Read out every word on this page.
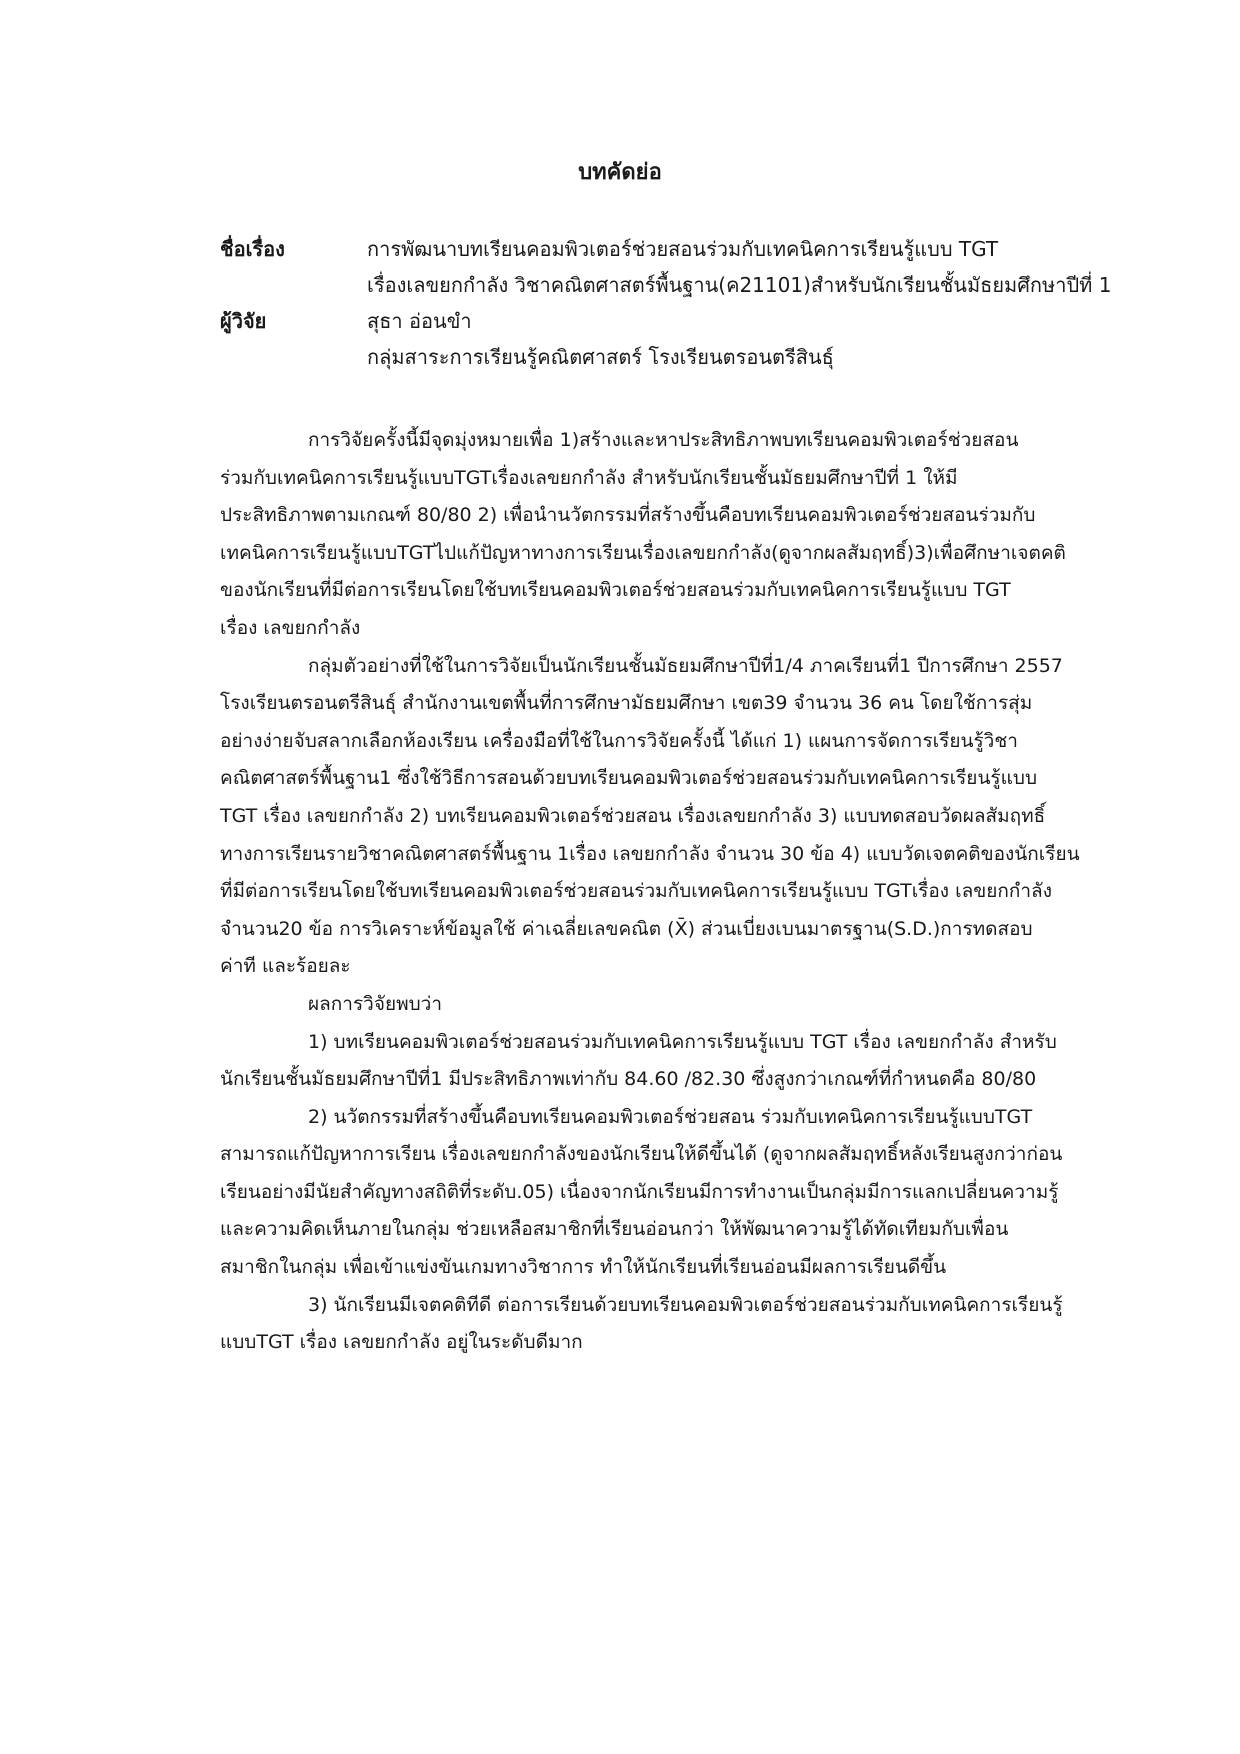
บทคัดย่อ
ชื่อเรื่อง	การพัฒนาบทเรียนคอมพิวเตอร์ช่วยสอนร่วมกับเทคนิคการเรียนรู้แบบ TGT
เรื่องเลขยกกำลัง วิชาคณิตศาสตร์พื้นฐาน(ค21101)สำหรับนักเรียนชั้นมัธยมศึกษาปีที่ 1
ผู้วิจัย	สุธา อ่อนขำ
กลุ่มสาระการเรียนรู้คณิตศาสตร์ โรงเรียนตรอนตรีสินธุ์
การวิจัยครั้งนี้มีจุดมุ่งหมายเพื่อ 1)สร้างและหาประสิทธิภาพบทเรียนคอมพิวเตอร์ช่วยสอน
ร่วมกับเทคนิคการเรียนรู้แบบTGTเรื่องเลขยกกำลัง สำหรับนักเรียนชั้นมัธยมศึกษาปีที่ 1 ให้มี
ประสิทธิภาพตามเกณฑ์ 80/80 2) เพื่อนำนวัตกรรมที่สร้างขึ้นคือบทเรียนคอมพิวเตอร์ช่วยสอนร่วมกับ
เทคนิคการเรียนรู้แบบTGTไปแก้ปัญหาทางการเรียนเรื่องเลขยกกำลัง(ดูจากผลสัมฤทธิ์)3)เพื่อศึกษาเจตคติ
ของนักเรียนที่มีต่อการเรียนโดยใช้บทเรียนคอมพิวเตอร์ช่วยสอนร่วมกับเทคนิคการเรียนรู้แบบ TGT
เรื่อง เลขยกกำลัง
กลุ่มตัวอย่างที่ใช้ในการวิจัยเป็นนักเรียนชั้นมัธยมศึกษาปีที่1/4 ภาคเรียนที่1 ปีการศึกษา 2557
โรงเรียนตรอนตรีสินธุ์ สำนักงานเขตพื้นที่การศึกษามัธยมศึกษา เขต39 จำนวน 36 คน โดยใช้การสุ่ม
อย่างง่ายจับสลากเลือกห้องเรียน เครื่องมือที่ใช้ในการวิจัยครั้งนี้ ได้แก่ 1) แผนการจัดการเรียนรู้วิชา
คณิตศาสตร์พื้นฐาน1 ซึ่งใช้วิธีการสอนด้วยบทเรียนคอมพิวเตอร์ช่วยสอนร่วมกับเทคนิคการเรียนรู้แบบ
TGT เรื่อง เลขยกกำลัง 2) บทเรียนคอมพิวเตอร์ช่วยสอน เรื่องเลขยกกำลัง 3) แบบทดสอบวัดผลสัมฤทธิ์
ทางการเรียนรายวิชาคณิตศาสตร์พื้นฐาน 1เรื่อง เลขยกกำลัง จำนวน 30 ข้อ 4) แบบวัดเจตคติของนักเรียน
ที่มีต่อการเรียนโดยใช้บทเรียนคอมพิวเตอร์ช่วยสอนร่วมกับเทคนิคการเรียนรู้แบบ TGTเรื่อง เลขยกกำลัง
จำนวน20 ข้อ การวิเคราะห์ข้อมูลใช้ ค่าเฉลี่ยเลขคณิต (X̄) ส่วนเบี่ยงเบนมาตรฐาน(S.D.)การทดสอบ
ค่าที และร้อยละ
ผลการวิจัยพบว่า
1) บทเรียนคอมพิวเตอร์ช่วยสอนร่วมกับเทคนิคการเรียนรู้แบบ TGT เรื่อง เลขยกกำลัง สำหรับ
นักเรียนชั้นมัธยมศึกษาปีที่1 มีประสิทธิภาพเท่ากับ 84.60 /82.30 ซึ่งสูงกว่าเกณฑ์ที่กำหนดคือ 80/80
2) นวัตกรรมที่สร้างขึ้นคือบทเรียนคอมพิวเตอร์ช่วยสอน ร่วมกับเทคนิคการเรียนรู้แบบTGT
สามารถแก้ปัญหาการเรียน เรื่องเลขยกกำลังของนักเรียนให้ดีขึ้นได้ (ดูจากผลสัมฤทธิ์หลังเรียนสูงกว่าก่อน
เรียนอย่างมีนัยสำคัญทางสถิติที่ระดับ.05) เนื่องจากนักเรียนมีการทำงานเป็นกลุ่มมีการแลกเปลี่ยนความรู้
และความคิดเห็นภายในกลุ่ม ช่วยเหลือสมาชิกที่เรียนอ่อนกว่า ให้พัฒนาความรู้ได้ทัดเทียมกับเพื่อน
สมาชิกในกลุ่ม เพื่อเข้าแข่งขันเกมทางวิชาการ ทำให้นักเรียนที่เรียนอ่อนมีผลการเรียนดีขึ้น
3) นักเรียนมีเจตคติทีดี ต่อการเรียนด้วยบทเรียนคอมพิวเตอร์ช่วยสอนร่วมกับเทคนิคการเรียนรู้
แบบTGT เรื่อง เลขยกกำลัง อยู่ในระดับดีมาก
